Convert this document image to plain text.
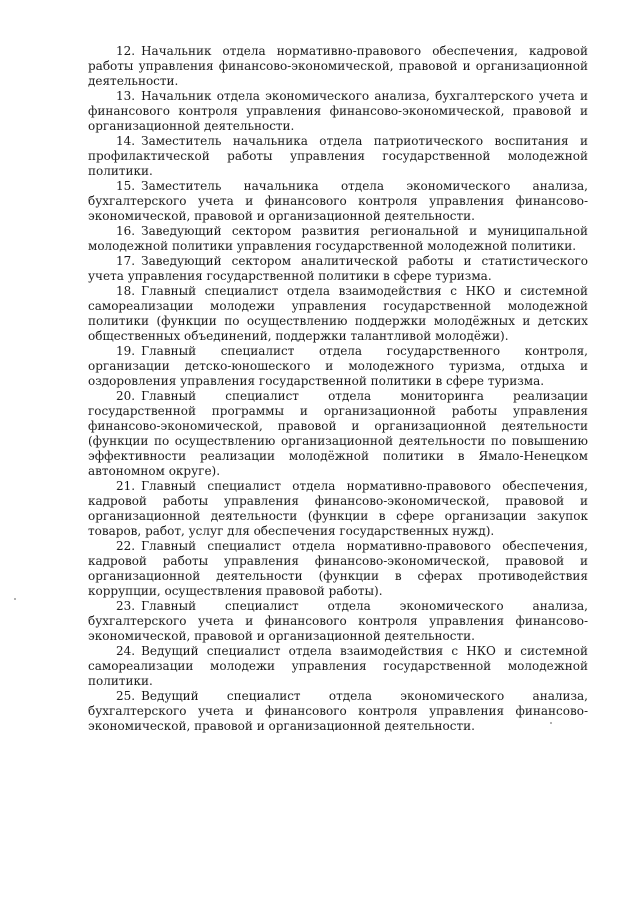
12. Начальник отдела нормативно-правового обеспечения, кадровой работы управления финансово-экономической, правовой и организационной деятельности.

13. Начальник отдела экономического анализа, бухгалтерского учета и финансового контроля управления финансово-экономической, правовой и организационной деятельности.

14. Заместитель начальника отдела патриотического воспитания и профилактической работы управления государственной молодежной политики.

15. Заместитель начальника отдела экономического анализа, бухгалтерского учета и финансового контроля управления финансово-экономической, правовой и организационной деятельности.

16. Заведующий сектором развития региональной и муниципальной молодежной политики управления государственной молодежной политики.

17. Заведующий сектором аналитической работы и статистического учета управления государственной политики в сфере туризма.

18. Главный специалист отдела взаимодействия с НКО и системной самореализации молодежи управления государственной молодежной политики (функции по осуществлению поддержки молодёжных и детских общественных объединений, поддержки талантливой молодёжи).

19. Главный специалист отдела государственного контроля, организации детско-юношеского и молодежного туризма, отдыха и оздоровления управления государственной политики в сфере туризма.

20. Главный специалист отдела мониторинга реализации государственной программы и организационной работы управления финансово-экономической, правовой и организационной деятельности (функции по осуществлению организационной деятельности по повышению эффективности реализации молодёжной политики в Ямало-Ненецком автономном округе).

21. Главный специалист отдела нормативно-правового обеспечения, кадровой работы управления финансово-экономической, правовой и организационной деятельности (функции в сфере организации закупок товаров, работ, услуг для обеспечения государственных нужд).

22. Главный специалист отдела нормативно-правового обеспечения, кадровой работы управления финансово-экономической, правовой и организационной деятельности (функции в сферах противодействия коррупции, осуществления правовой работы).

23. Главный специалист отдела экономического анализа, бухгалтерского учета и финансового контроля управления финансово-экономической, правовой и организационной деятельности.

24. Ведущий специалист отдела взаимодействия с НКО и системной самореализации молодежи управления государственной молодежной политики.

25. Ведущий специалист отдела экономического анализа, бухгалтерского учета и финансового контроля управления финансово-экономической, правовой и организационной деятельности.
